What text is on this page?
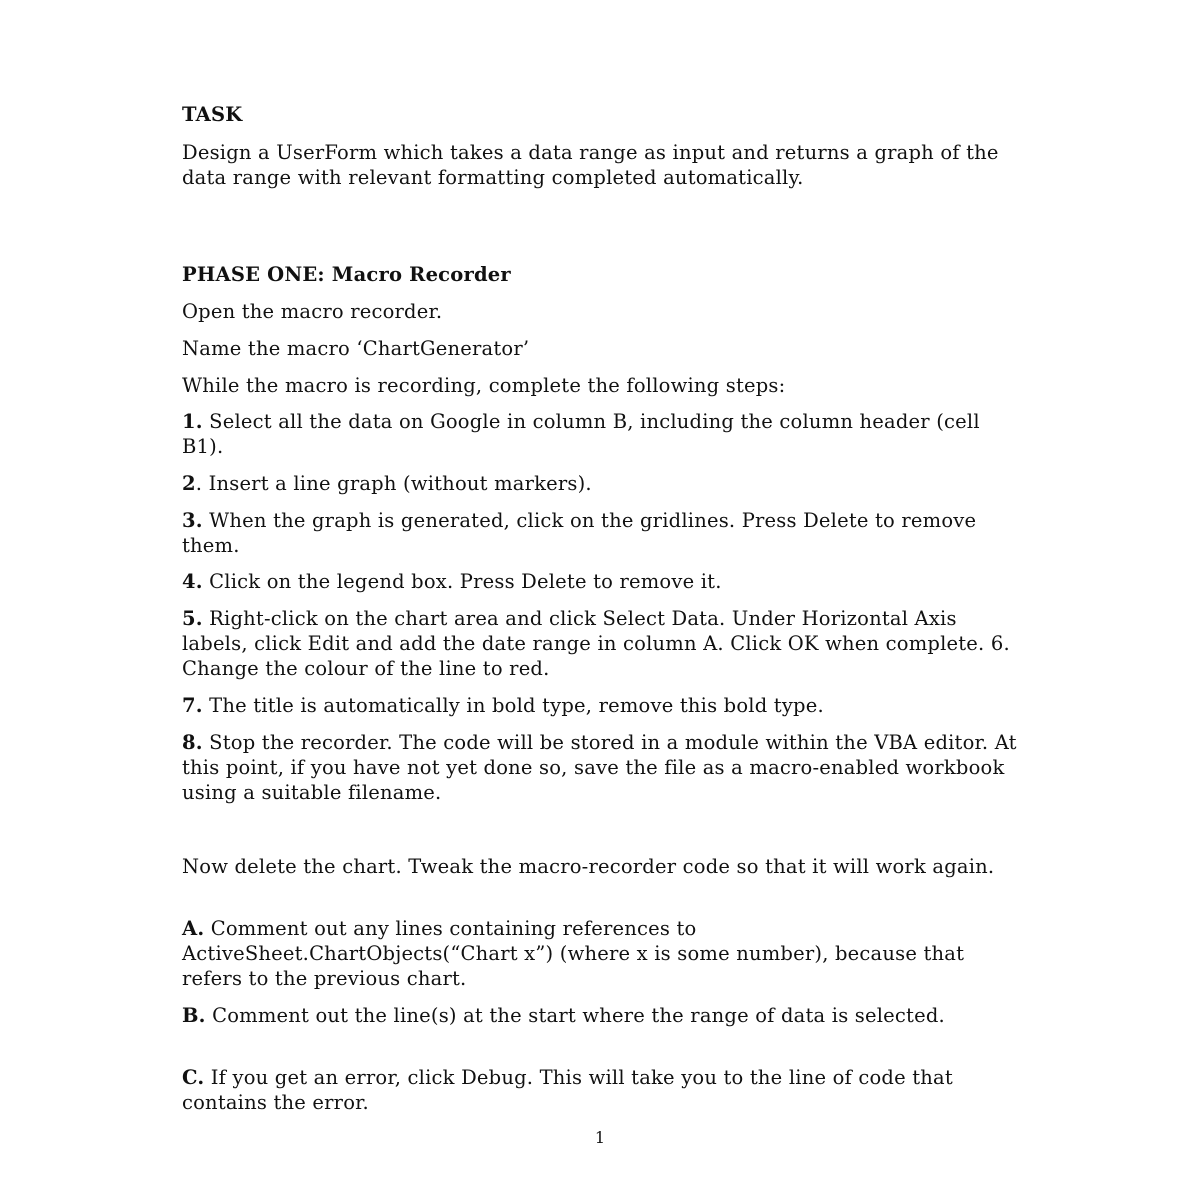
TASK

Design a UserForm which takes a data range as input and returns a graph of the data range with relevant formatting completed automatically.

PHASE ONE: Macro Recorder

Open the macro recorder.

Name the macro ‘ChartGenerator’

While the macro is recording, complete the following steps:

1. Select all the data on Google in column B, including the column header (cell B1).

2. Insert a line graph (without markers).

3. When the graph is generated, click on the gridlines. Press Delete to remove them.

4. Click on the legend box. Press Delete to remove it.

5. Right-click on the chart area and click Select Data. Under Horizontal Axis labels, click Edit and add the date range in column A. Click OK when complete. 6. Change the colour of the line to red.

7. The title is automatically in bold type, remove this bold type.

8. Stop the recorder. The code will be stored in a module within the VBA editor. At this point, if you have not yet done so, save the file as a macro-enabled workbook using a suitable filename.

Now delete the chart. Tweak the macro-recorder code so that it will work again.

A. Comment out any lines containing references to ActiveSheet.ChartObjects(“Chart x”) (where x is some number), because that refers to the previous chart.

B. Comment out the line(s) at the start where the range of data is selected.

C. If you get an error, click Debug. This will take you to the line of code that contains the error.

1
